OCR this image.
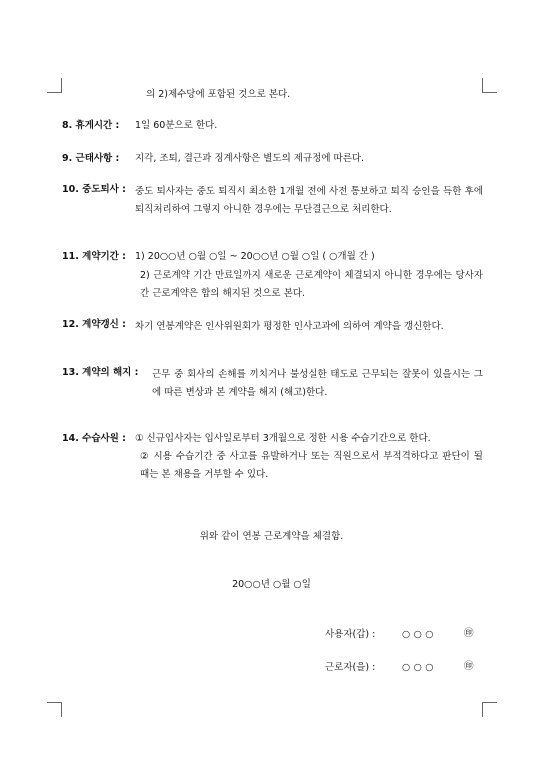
의 2)제수당에 포함된 것으로 본다.
8. 휴게시간 : 1일 60분으로 한다.
9. 근태사항 : 지각, 조퇴, 결근과 징계사항은 별도의 제규정에 따른다.
10. 중도퇴사 : 중도 퇴사자는 중도 퇴직시 최소한 1개월 전에 사전 통보하고 퇴직 승인을 득한 후에 퇴직처리하여 그렇지 아니한 경우에는 무단결근으로 처리한다.
11. 계약기간 : 1) 20○○년 ○월 ○일 ~ 20○○년 ○월 ○일 ( ○개월 간 )
2) 근로계약 기간 만료일까지 새로운 근로계약이 체결되지 아니한 경우에는 당사자간 근로계약은 합의 해지된 것으로 본다.
12. 계약갱신 : 차기 연봉계약은 인사위원회가 평정한 인사고과에 의하여 계약을 갱신한다.
13. 계약의 해지 : 근무 중 회사의 손해를 끼치거나 불성실한 태도로 근무되는 잘못이 있을시는 그에 따른 변상과 본 계약을 해지 (해고)한다.
14. 수습사원 : ① 신규입사자는 입사일로부터 3개월으로 정한 시용 수습기간으로 한다.
② 시용 수습기간 중 사고를 유발하거나 또는 직원으로서 부적격하다고 판단이 될 때는 본 채용을 거부할 수 있다.
위와 같이 연봉 근로계약을 체결함.
20○○년 ○월 ○일
사용자(갑) :	○ ○ ○	㊞
근로자(을) :	○ ○ ○	㊞
